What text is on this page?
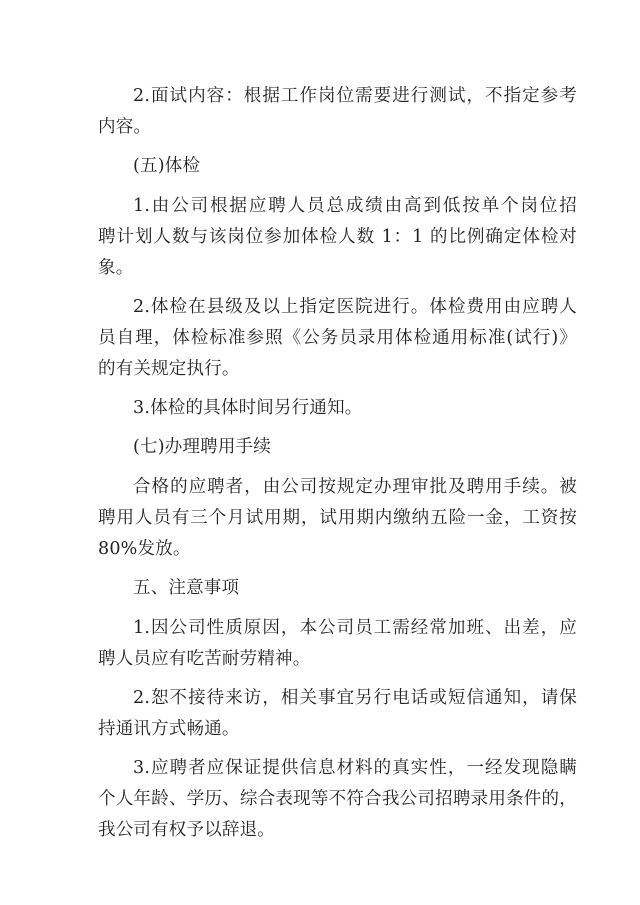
2.面试内容：根据工作岗位需要进行测试，不指定参考
内容。
(五)体检
1.由公司根据应聘人员总成绩由高到低按单个岗位招
聘计划人数与该岗位参加体检人数 1：1 的比例确定体检对
象。
2.体检在县级及以上指定医院进行。体检费用由应聘人
员自理，体检标准参照《公务员录用体检通用标准(试行)》
的有关规定执行。
3.体检的具体时间另行通知。
(七)办理聘用手续
合格的应聘者，由公司按规定办理审批及聘用手续。被
聘用人员有三个月试用期，试用期内缴纳五险一金，工资按
80%发放。
五、注意事项
1.因公司性质原因，本公司员工需经常加班、出差，应
聘人员应有吃苦耐劳精神。
2.恕不接待来访，相关事宜另行电话或短信通知，请保
持通讯方式畅通。
3.应聘者应保证提供信息材料的真实性，一经发现隐瞒
个人年龄、学历、综合表现等不符合我公司招聘录用条件的，
我公司有权予以辞退。
